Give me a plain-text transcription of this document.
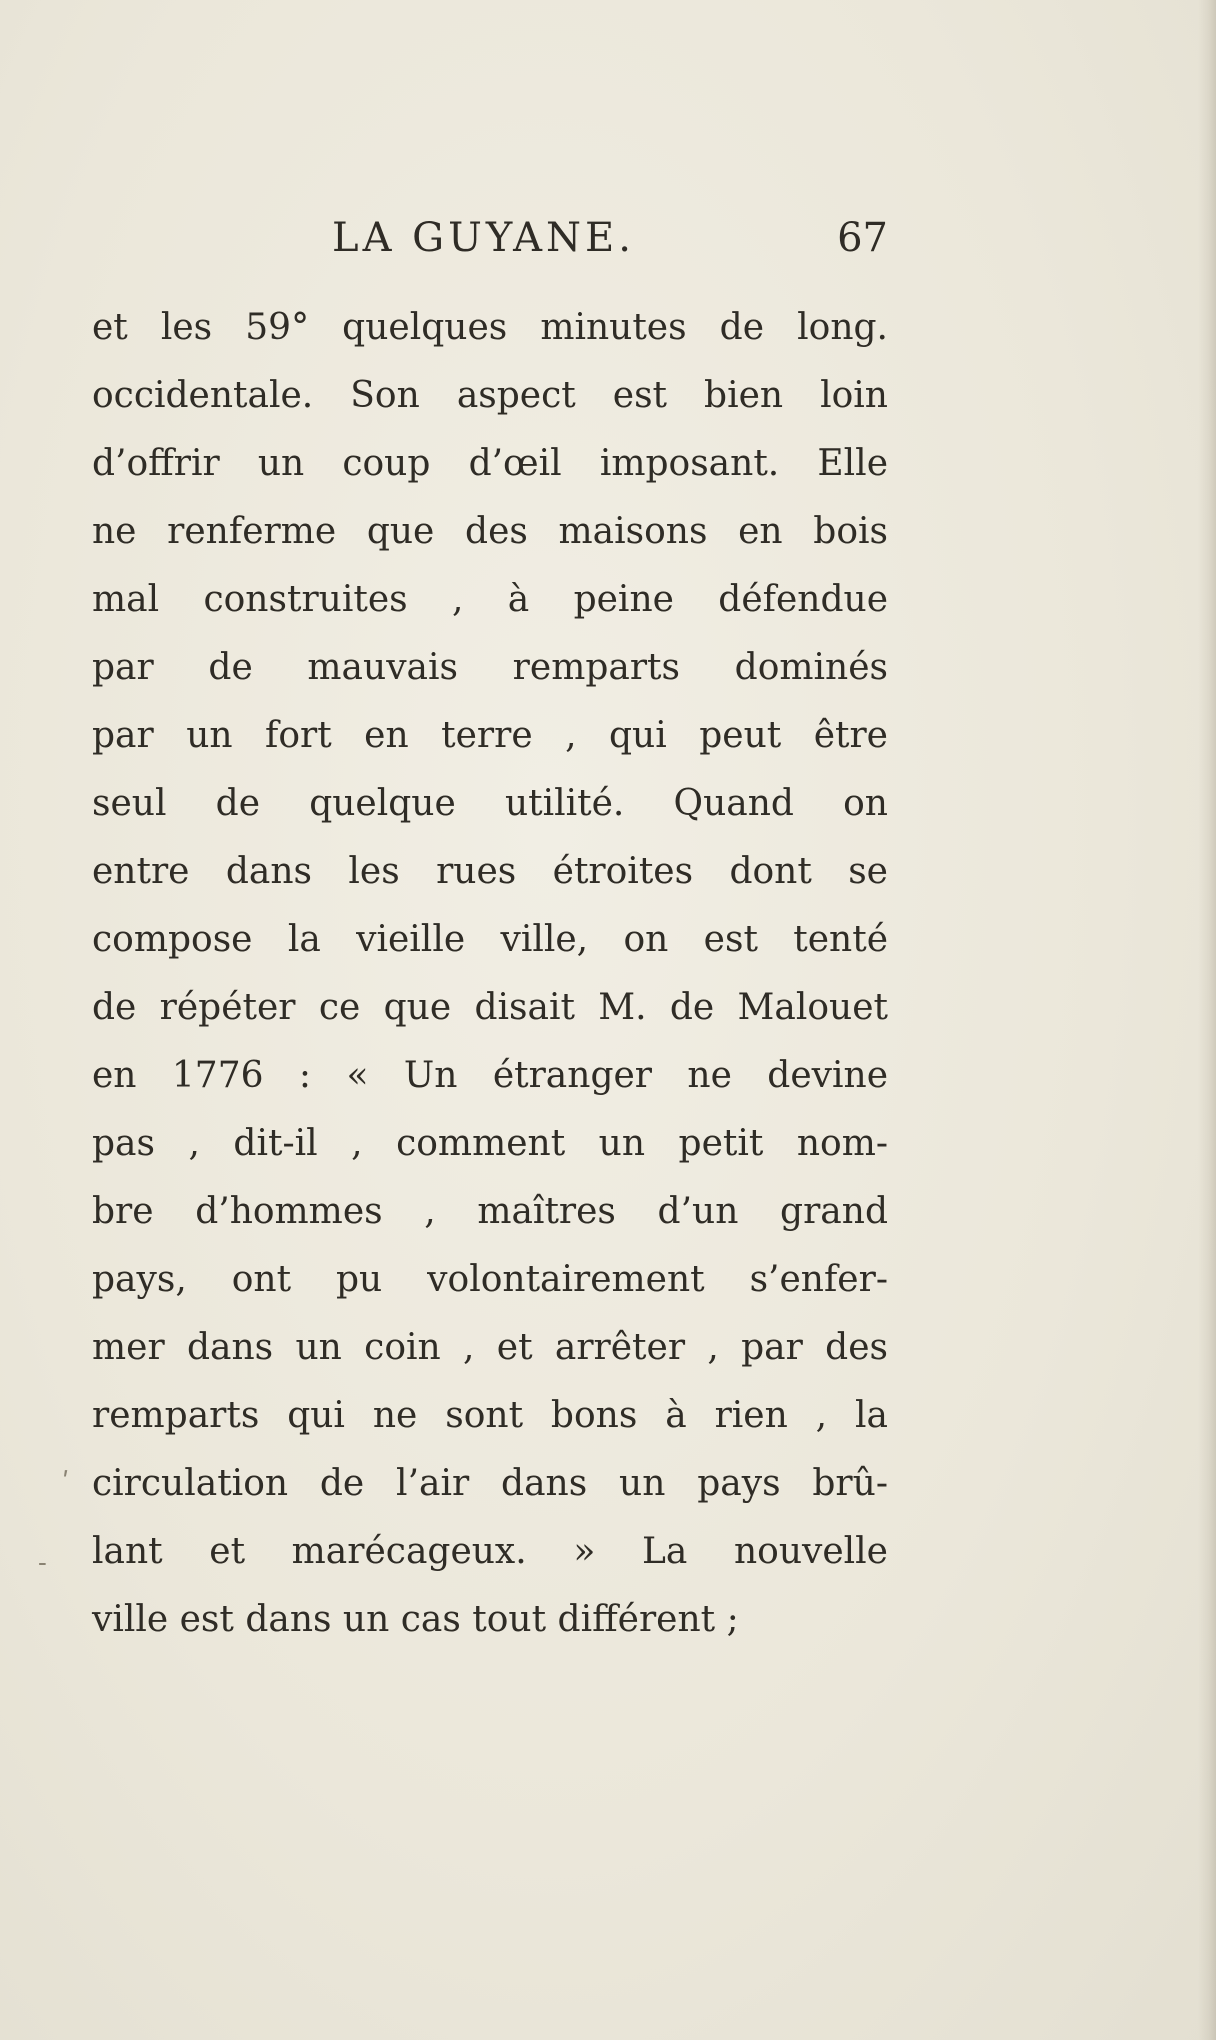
LA GUYANE.	67
et les 59° quelques minutes de long.
occidentale. Son aspect est bien loin
d’offrir un coup d’œil imposant. Elle
ne renferme que des maisons en bois
mal construites , à peine défendue
par de mauvais remparts dominés
par un fort en terre , qui peut être
seul de quelque utilité. Quand on
entre dans les rues étroites dont se
compose la vieille ville, on est tenté
de répéter ce que disait M. de Malouet
en 1776 : « Un étranger ne devine
pas , dit-il , comment un petit nom-
bre d’hommes , maîtres d’un grand
pays, ont pu volontairement s’enfer-
mer dans un coin , et arrêter , par des
remparts qui ne sont bons à rien , la
circulation de l’air dans un pays brû-
lant et marécageux. » La nouvelle
ville est dans un cas tout différent ;
ʹ
-
